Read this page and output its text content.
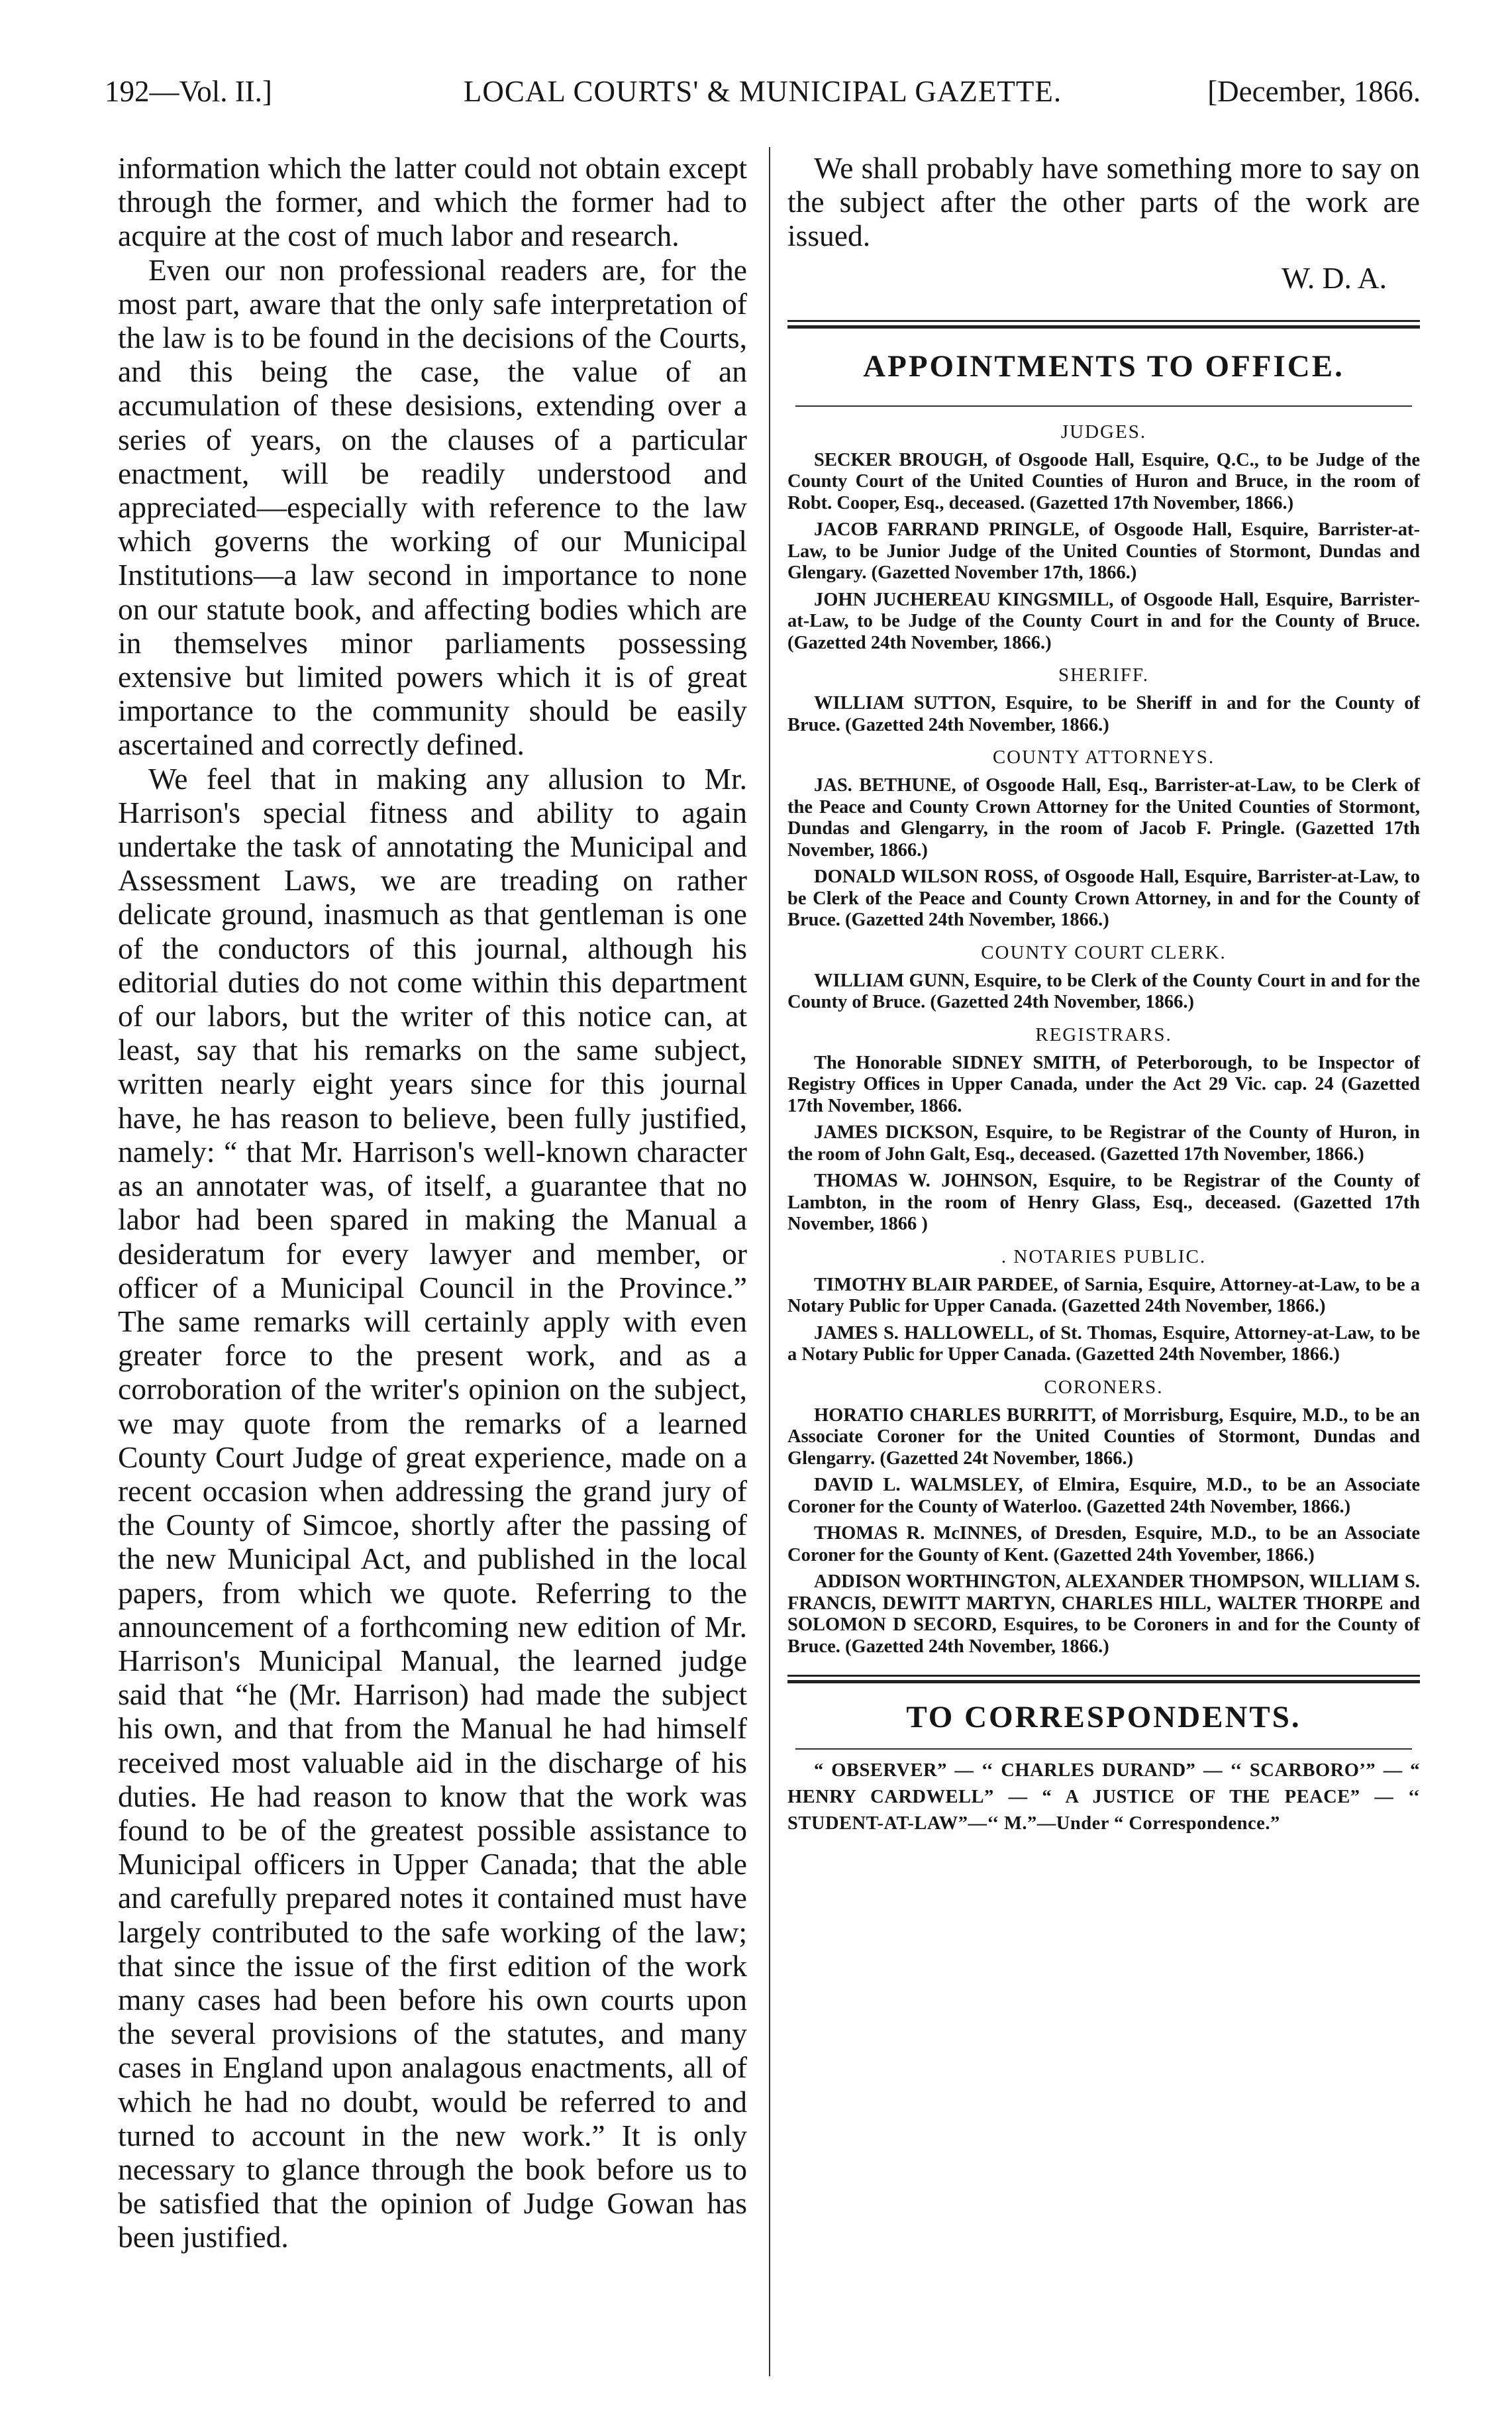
192—Vol. II.]	LOCAL COURTS' & MUNICIPAL GAZETTE.	[December, 1866.

information which the latter could not obtain except through the former, and which the former had to acquire at the cost of much labor and research.

Even our non professional readers are, for the most part, aware that the only safe interpretation of the law is to be found in the decisions of the Courts, and this being the case, the value of an accumulation of these desisions, extending over a series of years, on the clauses of a particular enactment, will be readily understood and appreciated—especially with reference to the law which governs the working of our Municipal Institutions—a law second in importance to none on our statute book, and affecting bodies which are in themselves minor parliaments possessing extensive but limited powers which it is of great importance to the community should be easily ascertained and correctly defined.

We feel that in making any allusion to Mr. Harrison's special fitness and ability to again undertake the task of annotating the Municipal and Assessment Laws, we are treading on rather delicate ground, inasmuch as that gentleman is one of the conductors of this journal, although his editorial duties do not come within this department of our labors, but the writer of this notice can, at least, say that his remarks on the same subject, written nearly eight years since for this journal have, he has reason to believe, been fully justified, namely: “ that Mr. Harrison's well-known character as an annotater was, of itself, a guarantee that no labor had been spared in making the Manual a desideratum for every lawyer and member, or officer of a Municipal Council in the Province.” The same remarks will certainly apply with even greater force to the present work, and as a corroboration of the writer's opinion on the subject, we may quote from the remarks of a learned County Court Judge of great experience, made on a recent occasion when addressing the grand jury of the County of Simcoe, shortly after the passing of the new Municipal Act, and published in the local papers, from which we quote. Referring to the announcement of a forthcoming new edition of Mr. Harrison's Municipal Manual, the learned judge said that “he (Mr. Harrison) had made the subject his own, and that from the Manual he had himself received most valuable aid in the discharge of his duties. He had reason to know that the work was found to be of the greatest possible assistance to Municipal officers in Upper Canada; that the able and carefully prepared notes it contained must have largely contributed to the safe working of the law; that since the issue of the first edition of the work many cases had been before his own courts upon the several provisions of the statutes, and many cases in England upon analagous enactments, all of which he had no doubt, would be referred to and turned to account in the new work.” It is only necessary to glance through the book before us to be satisfied that the opinion of Judge Gowan has been justified.

We shall probably have something more to say on the subject after the other parts of the work are issued.

W. D. A.
APPOINTMENTS TO OFFICE.
JUDGES.

SECKER BROUGH, of Osgoode Hall, Esquire, Q.C., to be Judge of the County Court of the United Counties of Huron and Bruce, in the room of Robt. Cooper, Esq., deceased. (Gazetted 17th November, 1866.)

JACOB FARRAND PRINGLE, of Osgoode Hall, Esquire, Barrister-at-Law, to be Junior Judge of the United Counties of Stormont, Dundas and Glengary. (Gazetted November 17th, 1866.)

JOHN JUCHEREAU KINGSMILL, of Osgoode Hall, Esquire, Barrister-at-Law, to be Judge of the County Court in and for the County of Bruce. (Gazetted 24th November, 1866.)

SHERIFF.

WILLIAM SUTTON, Esquire, to be Sheriff in and for the County of Bruce. (Gazetted 24th November, 1866.)

COUNTY ATTORNEYS.

JAS. BETHUNE, of Osgoode Hall, Esq., Barrister-at-Law, to be Clerk of the Peace and County Crown Attorney for the United Counties of Stormont, Dundas and Glengarry, in the room of Jacob F. Pringle. (Gazetted 17th November, 1866.)

DONALD WILSON ROSS, of Osgoode Hall, Esquire, Barrister-at-Law, to be Clerk of the Peace and County Crown Attorney, in and for the County of Bruce. (Gazetted 24th November, 1866.)

COUNTY COURT CLERK.

WILLIAM GUNN, Esquire, to be Clerk of the County Court in and for the County of Bruce. (Gazetted 24th November, 1866.)

REGISTRARS.

The Honorable SIDNEY SMITH, of Peterborough, to be Inspector of Registry Offices in Upper Canada, under the Act 29 Vic. cap. 24 (Gazetted 17th November, 1866.

JAMES DICKSON, Esquire, to be Registrar of the County of Huron, in the room of John Galt, Esq., deceased. (Gazetted 17th November, 1866.)

THOMAS W. JOHNSON, Esquire, to be Registrar of the County of Lambton, in the room of Henry Glass, Esq., deceased. (Gazetted 17th November, 1866 )

. NOTARIES PUBLIC.

TIMOTHY BLAIR PARDEE, of Sarnia, Esquire, Attorney-at-Law, to be a Notary Public for Upper Canada. (Gazetted 24th November, 1866.)

JAMES S. HALLOWELL, of St. Thomas, Esquire, Attorney-at-Law, to be a Notary Public for Upper Canada. (Gazetted 24th November, 1866.)

CORONERS.

HORATIO CHARLES BURRITT, of Morrisburg, Esquire, M.D., to be an Associate Coroner for the United Counties of Stormont, Dundas and Glengarry. (Gazetted 24t November, 1866.)

DAVID L. WALMSLEY, of Elmira, Esquire, M.D., to be an Associate Coroner for the County of Waterloo. (Gazetted 24th November, 1866.)

THOMAS R. McINNES, of Dresden, Esquire, M.D., to be an Associate Coroner for the Gounty of Kent. (Gazetted 24th Yovember, 1866.)

ADDISON WORTHINGTON, ALEXANDER THOMPSON, WILLIAM S. FRANCIS, DEWITT MARTYN, CHARLES HILL, WALTER THORPE and SOLOMON D SECORD, Esquires, to be Coroners in and for the County of Bruce. (Gazetted 24th November, 1866.)

TO CORRESPONDENTS.

“ OBSERVER” — ‘‘ CHARLES DURAND” — ‘‘ SCARBORO’” — “ HENRY CARDWELL” — “ A JUSTICE OF THE PEACE” — ‘‘ STUDENT-AT-LAW”—‘‘ M.”—Under “ Correspondence.”
